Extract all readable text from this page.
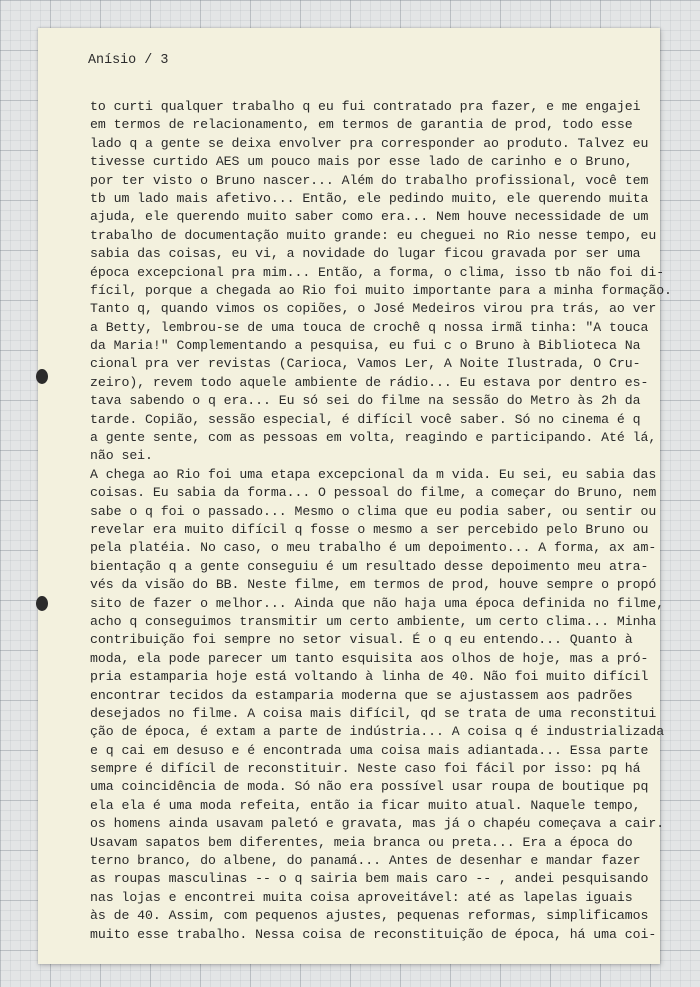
Anísio / 3
to curti qualquer trabalho q eu fui contratado pra fazer, e me engajei
em termos de relacionamento, em termos de garantia de prod, todo esse
lado q a gente se deixa envolver pra corresponder ao produto. Talvez eu
tivesse curtido AES um pouco mais por esse lado de carinho e o Bruno,
por ter visto o Bruno nascer... Além do trabalho profissional, você tem
tb um lado mais afetivo... Então, ele pedindo muito, ele querendo muita
ajuda, ele querendo muito saber como era... Nem houve necessidade de um
trabalho de documentação muito grande: eu cheguei no Rio nesse tempo, eu
sabia das coisas, eu vi, a novidade do lugar ficou gravada por ser uma
época excepcional pra mim... Então, a forma, o clima, isso tb não foi di-
fícil, porque a chegada ao Rio foi muito importante para a minha formação.
Tanto q, quando vimos os copiões, o José Medeiros virou pra trás, ao ver
a Betty, lembrou-se de uma touca de crochê q nossa irmã tinha: "A touca
da Maria!" Complementando a pesquisa, eu fui c o Bruno à Biblioteca Na
cional pra ver revistas (Carioca, Vamos Ler, A Noite Ilustrada, O Cru-
zeiro), revem todo aquele ambiente de rádio... Eu estava por dentro es-
tava sabendo o q era... Eu só sei do filme na sessão do Metro às 2h da
tarde. Copião, sessão especial, é difícil você saber. Só no cinema é q
a gente sente, com as pessoas em volta, reagindo e participando. Até lá,
não sei.
A chega ao Rio foi uma etapa excepcional da m vida. Eu sei, eu sabia das
coisas. Eu sabia da forma... O pessoal do filme, a começar do Bruno, nem
sabe o q foi o passado... Mesmo o clima que eu podia saber, ou sentir ou
revelar era muito difícil q fosse o mesmo a ser percebido pelo Bruno ou
pela platéia. No caso, o meu trabalho é um depoimento... A forma, ax am-
bientação q a gente conseguiu é um resultado desse depoimento meu atra-
vés da visão do BB. Neste filme, em termos de prod, houve sempre o propó
sito de fazer o melhor... Ainda que não haja uma época definida no filme,
acho q conseguimos transmitir um certo ambiente, um certo clima... Minha
contribuição foi sempre no setor visual. É o q eu entendo... Quanto à
moda, ela pode parecer um tanto esquisita aos olhos de hoje, mas a pró-
pria estamparia hoje está voltando à linha de 40. Não foi muito difícil
encontrar tecidos da estamparia moderna que se ajustassem aos padrões
desejados no filme. A coisa mais difícil, qd se trata de uma reconstitui
ção de época, é extam a parte de indústria... A coisa q é industrializada
e q cai em desuso e é encontrada uma coisa mais adiantada... Essa parte
sempre é difícil de reconstituir. Neste caso foi fácil por isso: pq há
uma coincidência de moda. Só não era possível usar roupa de boutique pq
ela ela é uma moda refeita, então ia ficar muito atual. Naquele tempo,
os homens ainda usavam paletó e gravata, mas já o chapéu começava a cair.
Usavam sapatos bem diferentes, meia branca ou preta... Era a época do
terno branco, do albene, do panamá... Antes de desenhar e mandar fazer
as roupas masculinas -- o q sairia bem mais caro -- , andei pesquisando
nas lojas e encontrei muita coisa aproveitável: até as lapelas iguais
às de 40. Assim, com pequenos ajustes, pequenas reformas, simplificamos
muito esse trabalho. Nessa coisa de reconstituição de época, há uma coi-
